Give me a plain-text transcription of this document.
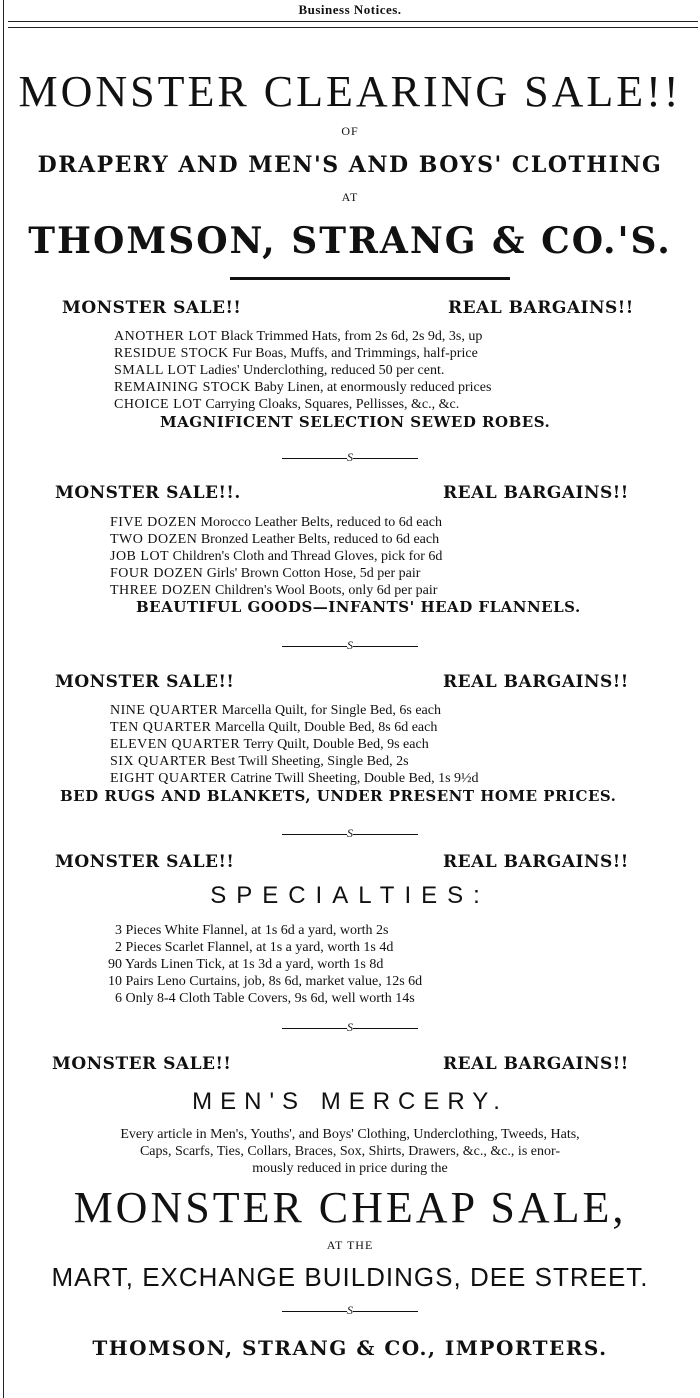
Business Notices.
MONSTER CLEARING SALE!!
OF
DRAPERY AND MEN'S AND BOYS' CLOTHING
AT
THOMSON, STRANG & CO.'S.
MONSTER SALE!!	REAL BARGAINS!!
ANOTHER LOT Black Trimmed Hats, from 2s 6d, 2s 9d, 3s, up
RESIDUE STOCK Fur Boas, Muffs, and Trimmings, half-price
SMALL LOT Ladies' Underclothing, reduced 50 per cent.
REMAINING STOCK Baby Linen, at enormously reduced prices
CHOICE LOT Carrying Cloaks, Squares, Pellisses, &c., &c.
MAGNIFICENT SELECTION SEWED ROBES.
S
MONSTER SALE!!.	REAL BARGAINS!!
FIVE DOZEN Morocco Leather Belts, reduced to 6d each
TWO DOZEN Bronzed Leather Belts, reduced to 6d each
JOB LOT Children's Cloth and Thread Gloves, pick for 6d
FOUR DOZEN Girls' Brown Cotton Hose, 5d per pair
THREE DOZEN Children's Wool Boots, only 6d per pair
BEAUTIFUL GOODS—INFANTS' HEAD FLANNELS.
S
MONSTER SALE!!	REAL BARGAINS!!
NINE QUARTER Marcella Quilt, for Single Bed, 6s each
TEN QUARTER Marcella Quilt, Double Bed, 8s 6d each
ELEVEN QUARTER Terry Quilt, Double Bed, 9s each
SIX QUARTER Best Twill Sheeting, Single Bed, 2s
EIGHT QUARTER Catrine Twill Sheeting, Double Bed, 1s 9½d
BED RUGS AND BLANKETS, UNDER PRESENT HOME PRICES.
S
MONSTER SALE!!	REAL BARGAINS!!
SPECIALTIES:
3 Pieces White Flannel, at 1s 6d a yard, worth 2s
2 Pieces Scarlet Flannel, at 1s a yard, worth 1s 4d
90 Yards Linen Tick, at 1s 3d a yard, worth 1s 8d
10 Pairs Leno Curtains, job, 8s 6d, market value, 12s 6d
6 Only 8-4 Cloth Table Covers, 9s 6d, well worth 14s
S
MONSTER SALE!!	REAL BARGAINS!!
MEN'S MERCERY.
Every article in Men's, Youths', and Boys' Clothing, Underclothing, Tweeds, Hats,
Caps, Scarfs, Ties, Collars, Braces, Sox, Shirts, Drawers, &c., &c., is enor-
mously reduced in price during the
MONSTER CHEAP SALE,
AT THE
MART, EXCHANGE BUILDINGS, DEE STREET.
S
THOMSON, STRANG & CO., IMPORTERS.
